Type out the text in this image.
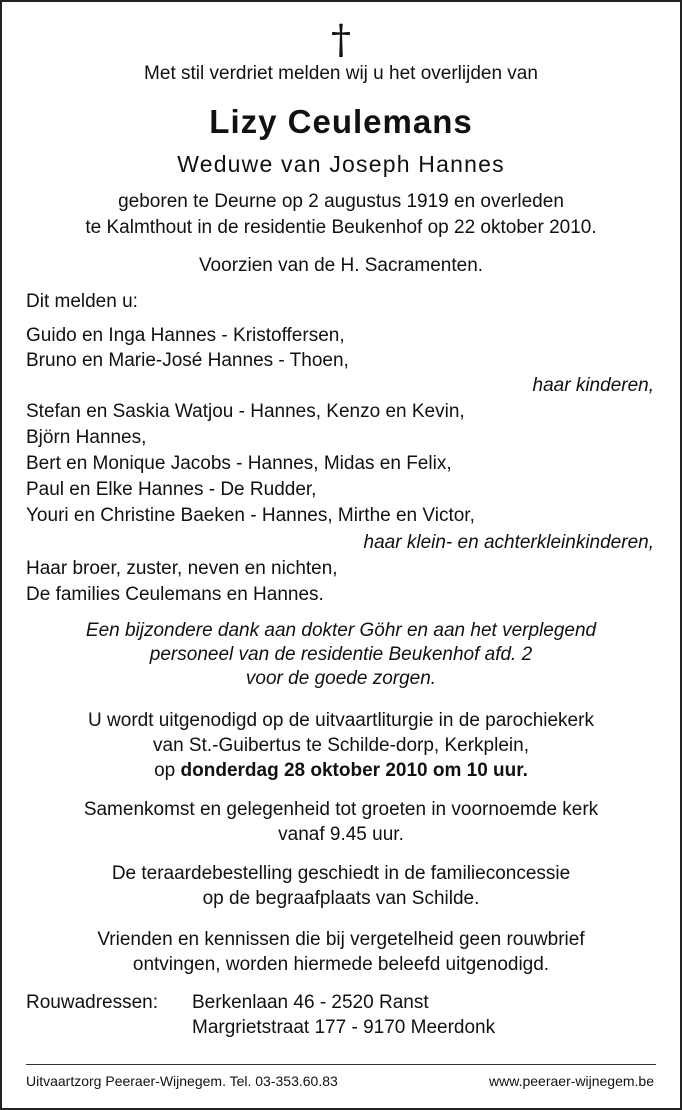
†
Met stil verdriet melden wij u het overlijden van
Lizy Ceulemans
Weduwe van Joseph Hannes
geboren te Deurne op 2 augustus 1919 en overleden
te Kalmthout in de residentie Beukenhof op 22 oktober 2010.
Voorzien van de H. Sacramenten.
Dit melden u:
Guido en Inga Hannes - Kristoffersen,
Bruno en Marie-José Hannes - Thoen,
haar kinderen,
Stefan en Saskia Watjou - Hannes, Kenzo en Kevin,
Björn Hannes,
Bert en Monique Jacobs - Hannes, Midas en Felix,
Paul en Elke Hannes - De Rudder,
Youri en Christine Baeken - Hannes, Mirthe en Victor,
haar klein- en achterkleinkinderen,
Haar broer, zuster, neven en nichten,
De families Ceulemans en Hannes.
Een bijzondere dank aan dokter Göhr en aan het verplegend
personeel van de residentie Beukenhof afd. 2
voor de goede zorgen.
U wordt uitgenodigd op de uitvaartliturgie in de parochiekerk
van St.-Guibertus te Schilde-dorp, Kerkplein,
op donderdag 28 oktober 2010 om 10 uur.
Samenkomst en gelegenheid tot groeten in voornoemde kerk
vanaf 9.45 uur.
De teraardebestelling geschiedt in de familieconcessie
op de begraafplaats van Schilde.
Vrienden en kennissen die bij vergetelheid geen rouwbrief
ontvingen, worden hiermede beleefd uitgenodigd.
Rouwadressen: Berkenlaan 46 - 2520 Ranst
Margrietstraat 177 - 9170 Meerdonk
Uitvaartzorg Peeraer-Wijnegem. Tel. 03-353.60.83	www.peeraer-wijnegem.be
